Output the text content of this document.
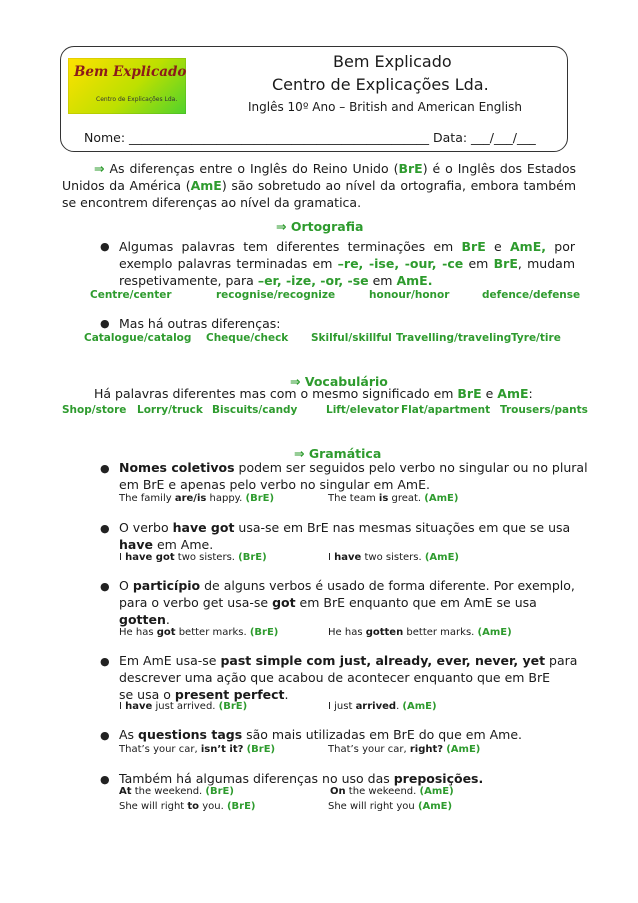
Bem Explicado
Centro de Explicações Lda.
Bem Explicado
Centro de Explicações Lda.
Inglês 10º Ano – British and American English
Nome: ________________________________________________ Data: ___/___/___
⇒ As diferenças entre o Inglês do Reino Unido (BrE) é o Inglês dos Estados Unidos da América (AmE) são sobretudo ao nível da ortografia, embora também se encontrem diferenças ao nível da gramatica.
⇒ Ortografia
● Algumas palavras tem diferentes terminações em BrE e AmE, por exemplo palavras terminadas em –re, -ise, -our, -ce em BrE, mudam respetivamente, para –er, -ize, -or, -se em AmE.
Centre/center	recognise/recognize	honour/honor	defence/defense
● Mas há outras diferenças:
Catalogue/catalog Cheque/check Skilful/skillful Travelling/traveling Tyre/tire
⇒ Vocabulário
Há palavras diferentes mas com o mesmo significado em BrE e AmE:
Shop/store Lorry/truck Biscuits/candy	Lift/elevator Flat/apartment Trousers/pants
⇒ Gramática
● Nomes coletivos podem ser seguidos pelo verbo no singular ou no plural
em BrE e apenas pelo verbo no singular em AmE.
The family are/is happy. (BrE)	The team is great. (AmE)
● O verbo have got usa-se em BrE nas mesmas situações em que se usa
have em Ame.
I have got two sisters. (BrE)	I have two sisters. (AmE)
● O particípio de alguns verbos é usado de forma diferente. Por exemplo,
para o verbo get usa-se got em BrE enquanto que em AmE se usa
gotten.
He has got better marks. (BrE)	He has gotten better marks. (AmE)
● Em AmE usa-se past simple com just, already, ever, never, yet para
descrever uma ação que acabou de acontecer enquanto que em BrE
se usa o present perfect.
I have just arrived. (BrE)	I just arrived. (AmE)
● As questions tags são mais utilizadas em BrE do que em Ame.
That’s your car, isn’t it? (BrE)	That’s your car, right? (AmE)
● Também há algumas diferenças no uso das preposições.
At the weekend. (BrE)	On the wekeend. (AmE)
She will right to you. (BrE)	She will right you (AmE)
